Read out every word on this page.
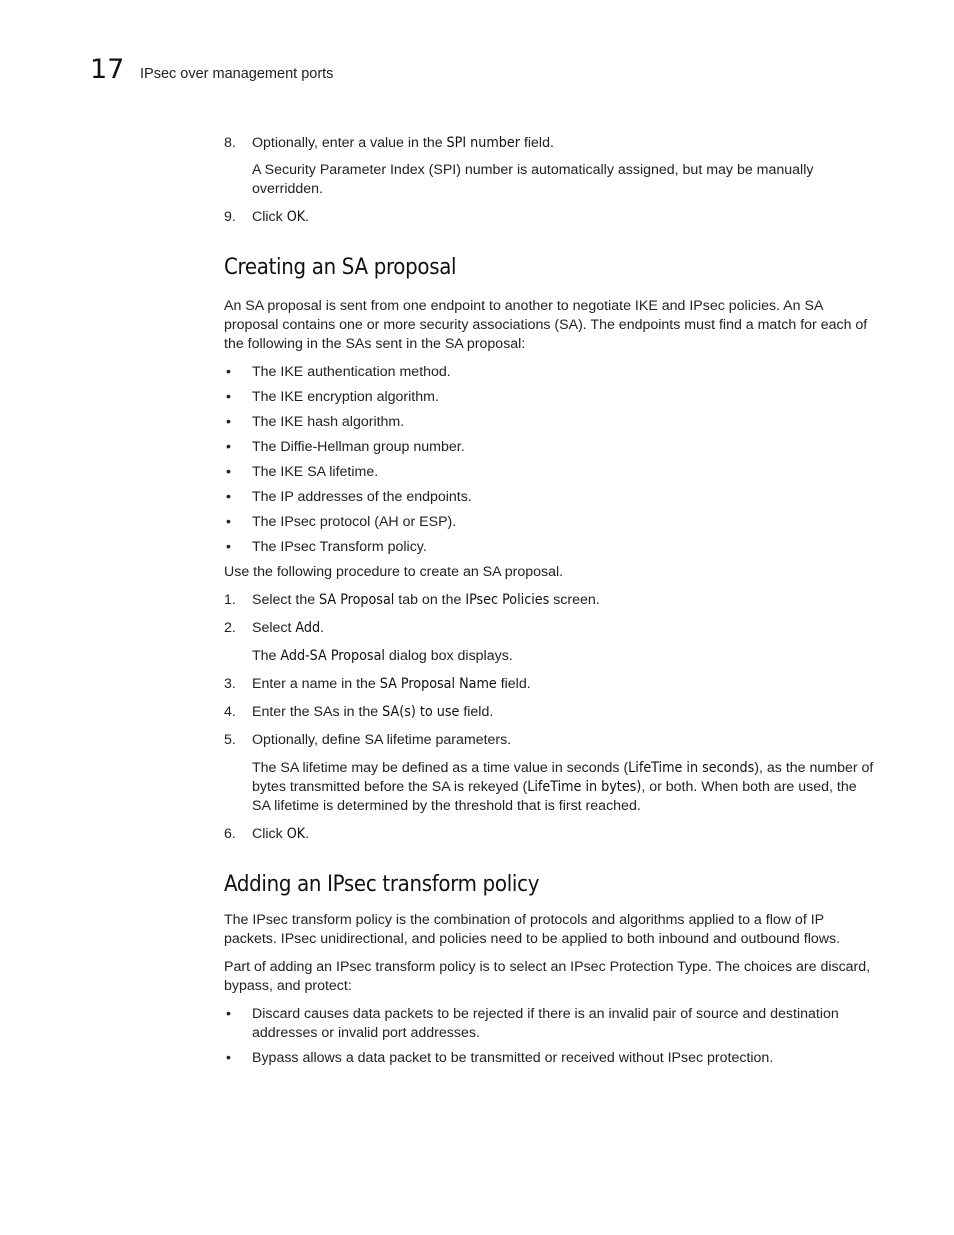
17 IPsec over management ports
8. Optionally, enter a value in the SPI number field.
A Security Parameter Index (SPI) number is automatically assigned, but may be manually overridden.
9. Click OK.
Creating an SA proposal

An SA proposal is sent from one endpoint to another to negotiate IKE and IPsec policies. An SA proposal contains one or more security associations (SA). The endpoints must find a match for each of the following in the SAs sent in the SA proposal:

• The IKE authentication method.
• The IKE encryption algorithm.
• The IKE hash algorithm.
• The Diffie-Hellman group number.
• The IKE SA lifetime.
• The IP addresses of the endpoints.
• The IPsec protocol (AH or ESP).
• The IPsec Transform policy.

Use the following procedure to create an SA proposal.

1. Select the SA Proposal tab on the IPsec Policies screen.
2. Select Add.
The Add-SA Proposal dialog box displays.
3. Enter a name in the SA Proposal Name field.
4. Enter the SAs in the SA(s) to use field.
5. Optionally, define SA lifetime parameters.
The SA lifetime may be defined as a time value in seconds (LifeTime in seconds), as the number of bytes transmitted before the SA is rekeyed (LifeTime in bytes), or both. When both are used, the SA lifetime is determined by the threshold that is first reached.
6. Click OK.
Adding an IPsec transform policy

The IPsec transform policy is the combination of protocols and algorithms applied to a flow of IP packets. IPsec unidirectional, and policies need to be applied to both inbound and outbound flows.

Part of adding an IPsec transform policy is to select an IPsec Protection Type. The choices are discard, bypass, and protect:

• Discard causes data packets to be rejected if there is an invalid pair of source and destination addresses or invalid port addresses.
• Bypass allows a data packet to be transmitted or received without IPsec protection.
